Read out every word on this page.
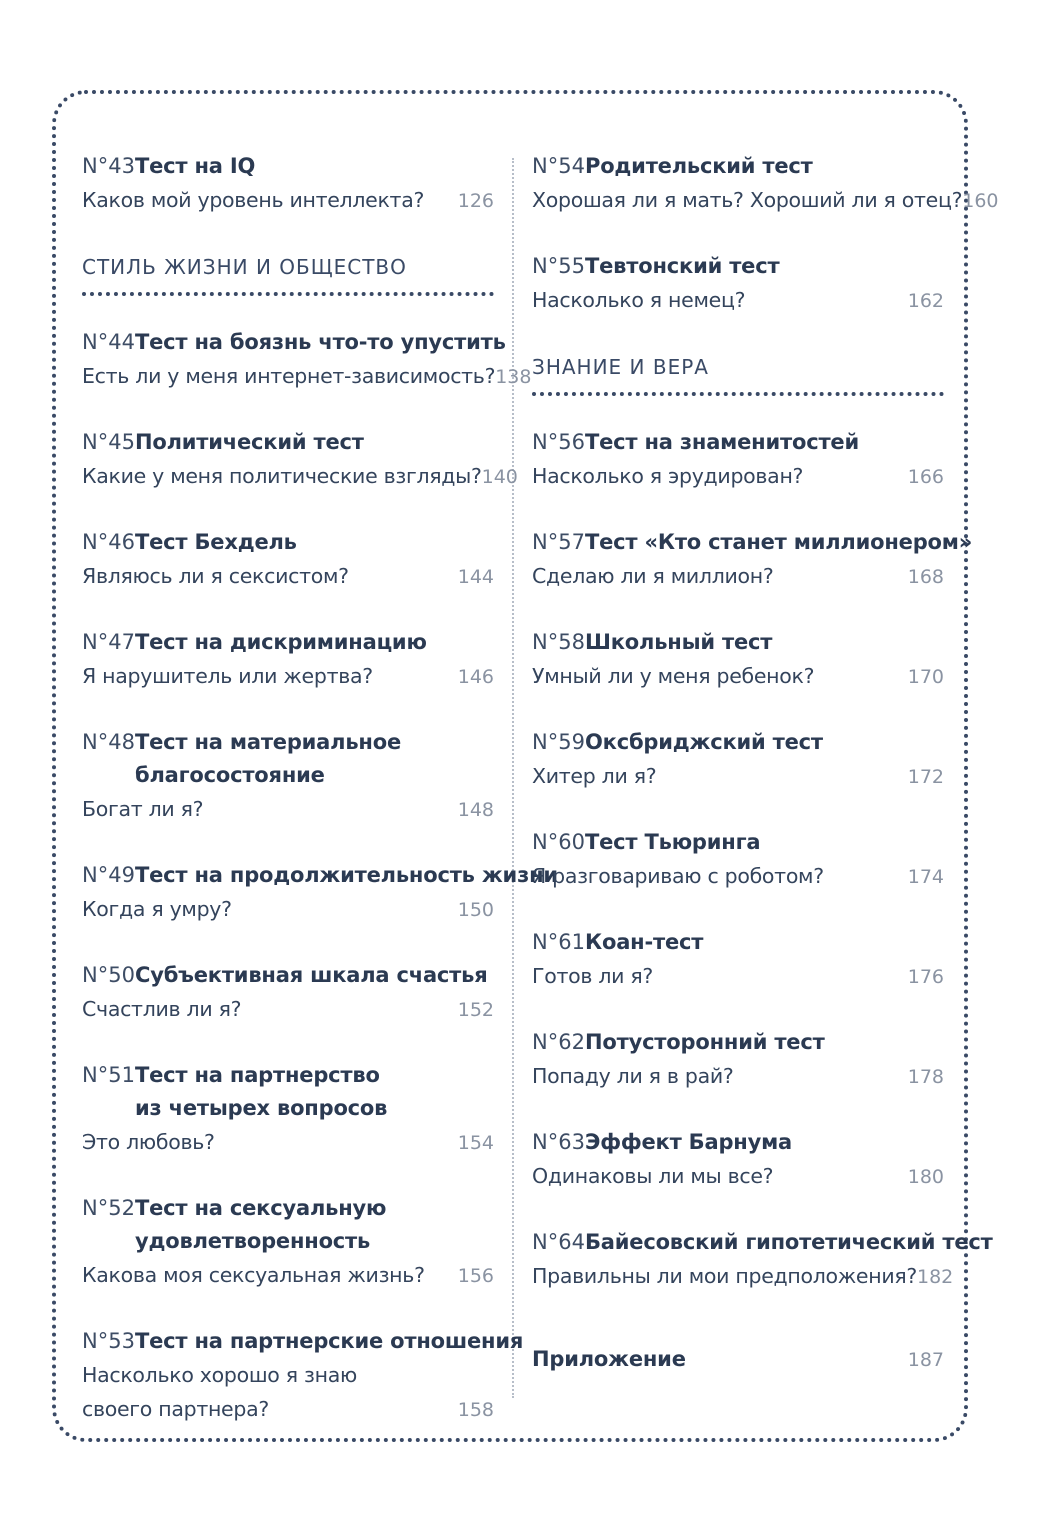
N°43 Тест на IQ
Каков мой уровень интеллекта? 126
СТИЛЬ ЖИЗНИ И ОБЩЕСТВО
N°44 Тест на боязнь что-то упустить
Есть ли у меня интернет-зависимость? 138
N°45 Политический тест
Какие у меня политические взгляды? 140
N°46 Тест Бехдель
Являюсь ли я сексистом?	144
N°47 Тест на дискриминацию
Я нарушитель или жертва?	146
N°48 Тест на материальное
благосостояние
Богат ли я?	148
N°49 Тест на продолжительность жизни
Когда я умру?	150
N°50 Субъективная шкала счастья
Счастлив ли я?	152
N°51 Тест на партнерство
из четырех вопросов
Это любовь?	154
N°52 Тест на сексуальную
удовлетворенность
Какова моя сексуальная жизнь? 156
N°53 Тест на партнерские отношения
Насколько хорошо я знаю
своего партнера?	158
N°54 Родительский тест
Хорошая ли я мать? Хороший ли я отец? 160
N°55 Тевтонский тест
Насколько я немец?	162
ЗНАНИЕ И ВЕРА
N°56 Тест на знаменитостей
Насколько я эрудирован?	166
N°57 Тест «Кто станет миллионером»
Сделаю ли я миллион?	168
N°58 Школьный тест
Умный ли у меня ребенок?	170
N°59 Оксбриджский тест
Хитер ли я?	172
N°60 Тест Тьюринга
Я разговариваю с роботом?	174
N°61 Коан-тест
Готов ли я?	176
N°62 Потусторонний тест
Попаду ли я в рай?	178
N°63 Эффект Барнума
Одинаковы ли мы все?	180
N°64 Байесовский гипотетический тест
Правильны ли мои предположения? 182
Приложение	187
